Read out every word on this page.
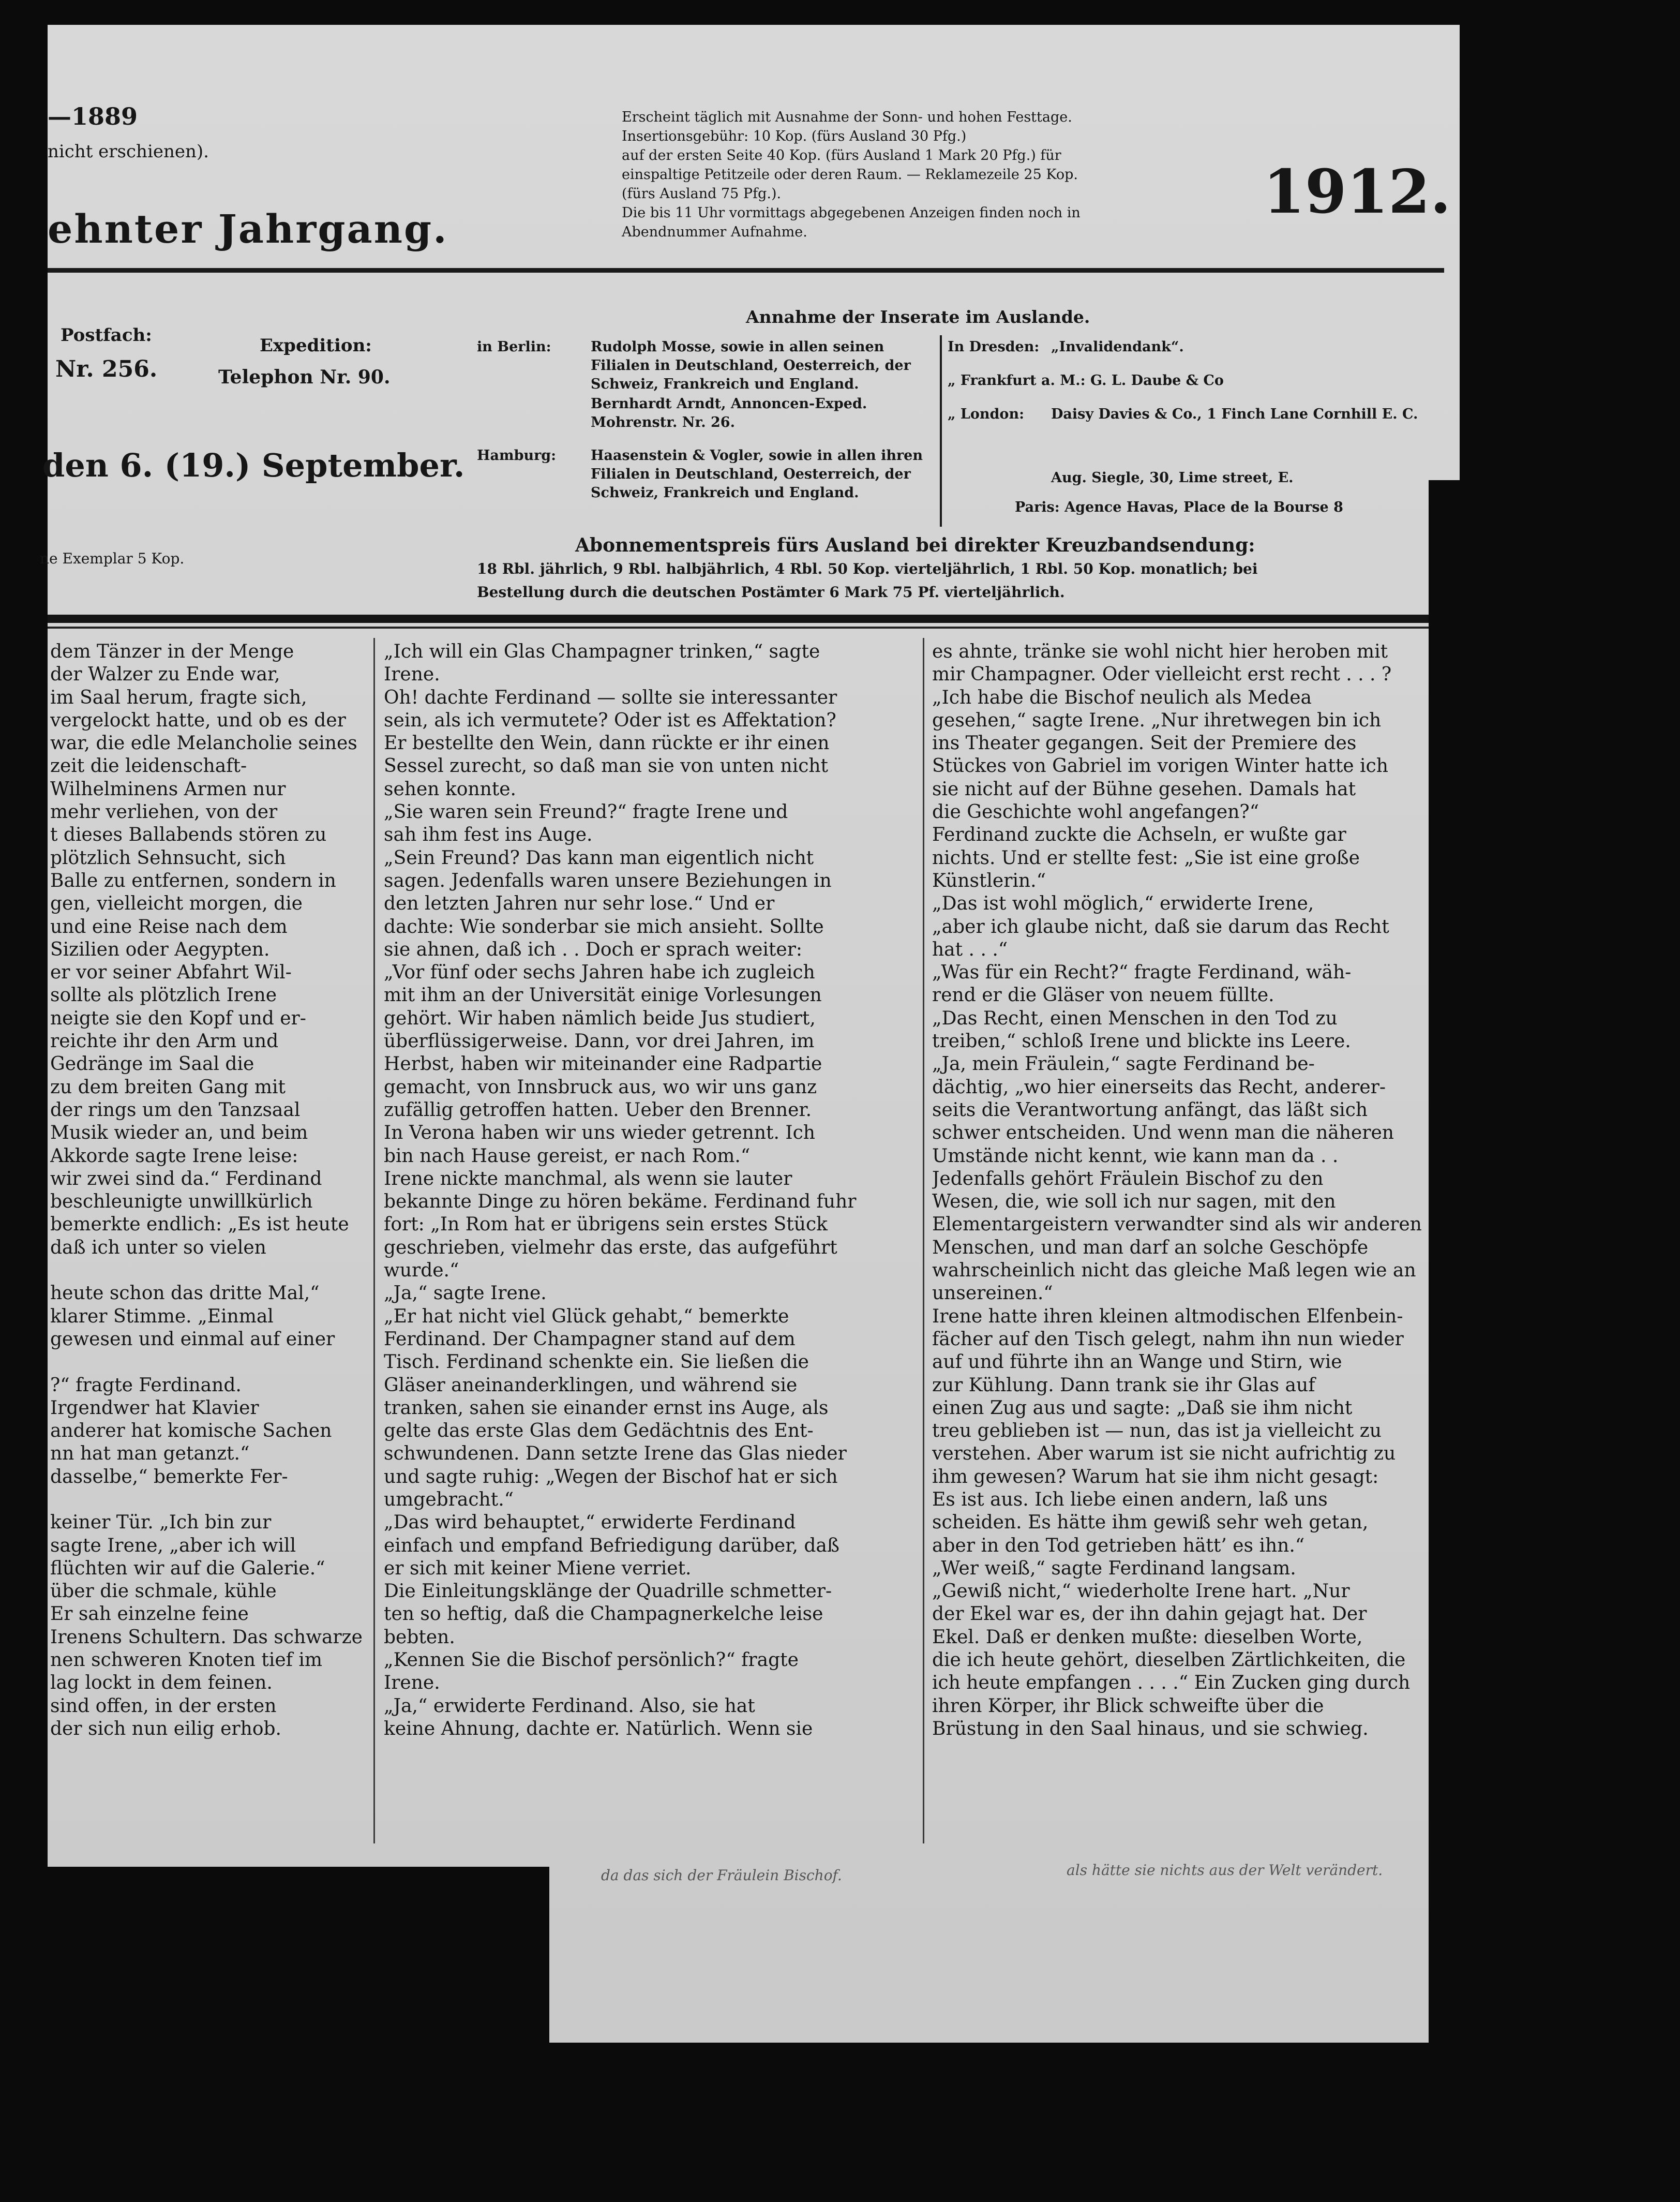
—1889
nicht erschienen).
ehnter Jahrgang.
Erscheint täglich mit Ausnahme der Sonn- und hohen Festtage.
Insertionsgebühr: 10 Kop. (fürs Ausland 30 Pfg.)
auf der ersten Seite 40 Kop. (fürs Ausland 1 Mark 20 Pfg.) für
einspaltige Petitzeile oder deren Raum. — Reklamezeile 25 Kop.
(fürs Ausland 75 Pfg.).
Die bis 11 Uhr vormittags abgegebenen Anzeigen finden noch in
Abendnummer Aufnahme.
1912.
Postfach:
Nr. 256.
Expedition:
Telephon Nr. 90.
den 6. (19.) September.
ne Exemplar 5 Kop.
Annahme der Inserate im Auslande.
in Berlin:	Rudolph Mosse, sowie in allen seinen Filialen in Deutschland, Oesterreich, der Schweiz, Frankreich und England.
Bernhardt Arndt, Annoncen-Exped. Mohrenstr. Nr. 26.
Hamburg: Haasenstein & Vogler, sowie in allen ihren Filialen in Deutschland, Oesterreich, der Schweiz, Frankreich und England.
In Dresden: „Invalidendank“.
„ Frankfurt a. M.: G. L. Daube & Co
„ London: Daisy Davies & Co., 1 Finch Lane Cornhill E. C.
Aug. Siegle, 30, Lime street, E.
Paris: Agence Havas, Place de la Bourse 8
Abonnementspreis fürs Ausland bei direkter Kreuzbandsendung:
18 Rbl. jährlich, 9 Rbl. halbjährlich, 4 Rbl. 50 Kop. vierteljährlich, 1 Rbl. 50 Kop. monatlich; bei
Bestellung durch die deutschen Postämter 6 Mark 75 Pf. vierteljährlich.

dem Tänzer in der Menge

der Walzer zu Ende war,

im Saal herum, fragte sich,

vergelockt hatte, und ob es der

war, die edle Melancholie seines

zeit die leidenschaft-

Wilhelminens Armen nur

mehr verliehen, von der

t dieses Ballabends stören zu

plötzlich Sehnsucht, sich

Balle zu entfernen, sondern in

gen, vielleicht morgen, die

und eine Reise nach dem

Sizilien oder Aegypten.

er vor seiner Abfahrt Wil-

sollte als plötzlich Irene

neigte sie den Kopf und er-

reichte ihr den Arm und

Gedränge im Saal die

zu dem breiten Gang mit

der rings um den Tanzsaal

Musik wieder an, und beim

Akkorde sagte Irene leise:

wir zwei sind da.“ Ferdinand

beschleunigte unwillkürlich

bemerkte endlich: „Es ist heute

daß ich unter so vielen

heute schon das dritte Mal,“

klarer Stimme. „Einmal

gewesen und einmal auf einer

?“ fragte Ferdinand.

Irgendwer hat Klavier

anderer hat komische Sachen

nn hat man getanzt.“

dasselbe,“ bemerkte Fer-

keiner Tür. „Ich bin zur

sagte Irene, „aber ich will

flüchten wir auf die Galerie.“

über die schmale, kühle

Er sah einzelne feine

Irenens Schultern. Das schwarze

nen schweren Knoten tief im

lag lockt in dem feinen.

sind offen, in der ersten

der sich nun eilig erhob.

„Ich will ein Glas Champagner trinken,“ sagte

Irene.

Oh! dachte Ferdinand — sollte sie interessanter

sein, als ich vermutete? Oder ist es Affektation?

Er bestellte den Wein, dann rückte er ihr einen

Sessel zurecht, so daß man sie von unten nicht

sehen konnte.

„Sie waren sein Freund?“ fragte Irene und

sah ihm fest ins Auge.

„Sein Freund? Das kann man eigentlich nicht

sagen. Jedenfalls waren unsere Beziehungen in

den letzten Jahren nur sehr lose.“ Und er

dachte: Wie sonderbar sie mich ansieht. Sollte

sie ahnen, daß ich . . Doch er sprach weiter:

„Vor fünf oder sechs Jahren habe ich zugleich

mit ihm an der Universität einige Vorlesungen

gehört. Wir haben nämlich beide Jus studiert,

überflüssigerweise. Dann, vor drei Jahren, im

Herbst, haben wir miteinander eine Radpartie

gemacht, von Innsbruck aus, wo wir uns ganz

zufällig getroffen hatten. Ueber den Brenner.

In Verona haben wir uns wieder getrennt. Ich

bin nach Hause gereist, er nach Rom.“

Irene nickte manchmal, als wenn sie lauter

bekannte Dinge zu hören bekäme. Ferdinand fuhr

fort: „In Rom hat er übrigens sein erstes Stück

geschrieben, vielmehr das erste, das aufgeführt

wurde.“

„Ja,“ sagte Irene.

„Er hat nicht viel Glück gehabt,“ bemerkte

Ferdinand. Der Champagner stand auf dem

Tisch. Ferdinand schenkte ein. Sie ließen die

Gläser aneinanderklingen, und während sie

tranken, sahen sie einander ernst ins Auge, als

gelte das erste Glas dem Gedächtnis des Ent-

schwundenen. Dann setzte Irene das Glas nieder

und sagte ruhig: „Wegen der Bischof hat er sich

umgebracht.“

„Das wird behauptet,“ erwiderte Ferdinand

einfach und empfand Befriedigung darüber, daß

er sich mit keiner Miene verriet.

Die Einleitungsklänge der Quadrille schmetter-

ten so heftig, daß die Champagnerkelche leise

bebten.

„Kennen Sie die Bischof persönlich?“ fragte

Irene.

„Ja,“ erwiderte Ferdinand. Also, sie hat

keine Ahnung, dachte er. Natürlich. Wenn sie

es ahnte, tränke sie wohl nicht hier heroben mit

mir Champagner. Oder vielleicht erst recht . . . ?

„Ich habe die Bischof neulich als Medea

gesehen,“ sagte Irene. „Nur ihretwegen bin ich

ins Theater gegangen. Seit der Premiere des

Stückes von Gabriel im vorigen Winter hatte ich

sie nicht auf der Bühne gesehen. Damals hat

die Geschichte wohl angefangen?“

Ferdinand zuckte die Achseln, er wußte gar

nichts. Und er stellte fest: „Sie ist eine große

Künstlerin.“

„Das ist wohl möglich,“ erwiderte Irene,

„aber ich glaube nicht, daß sie darum das Recht

hat . . .“

„Was für ein Recht?“ fragte Ferdinand, wäh-

rend er die Gläser von neuem füllte.

„Das Recht, einen Menschen in den Tod zu

treiben,“ schloß Irene und blickte ins Leere.

„Ja, mein Fräulein,“ sagte Ferdinand be-

dächtig, „wo hier einerseits das Recht, anderer-

seits die Verantwortung anfängt, das läßt sich

schwer entscheiden. Und wenn man die näheren

Umstände nicht kennt, wie kann man da . .

Jedenfalls gehört Fräulein Bischof zu den

Wesen, die, wie soll ich nur sagen, mit den

Elementargeistern verwandter sind als wir anderen

Menschen, und man darf an solche Geschöpfe

wahrscheinlich nicht das gleiche Maß legen wie an

unsereinen.“

Irene hatte ihren kleinen altmodischen Elfenbein-

fächer auf den Tisch gelegt, nahm ihn nun wieder

auf und führte ihn an Wange und Stirn, wie

zur Kühlung. Dann trank sie ihr Glas auf

einen Zug aus und sagte: „Daß sie ihm nicht

treu geblieben ist — nun, das ist ja vielleicht zu

verstehen. Aber warum ist sie nicht aufrichtig zu

ihm gewesen? Warum hat sie ihm nicht gesagt:

Es ist aus. Ich liebe einen andern, laß uns

scheiden. Es hätte ihm gewiß sehr weh getan,

aber in den Tod getrieben hätt’ es ihn.“

„Wer weiß,“ sagte Ferdinand langsam.

„Gewiß nicht,“ wiederholte Irene hart. „Nur

der Ekel war es, der ihn dahin gejagt hat. Der

Ekel. Daß er denken mußte: dieselben Worte,

die ich heute gehört, dieselben Zärtlichkeiten, die

ich heute empfangen . . . .“ Ein Zucken ging durch

ihren Körper, ihr Blick schweifte über die

Brüstung in den Saal hinaus, und sie schwieg.

da das sich der Fräulein Bischof.	als hätte sie nichts aus der Welt verändert.
